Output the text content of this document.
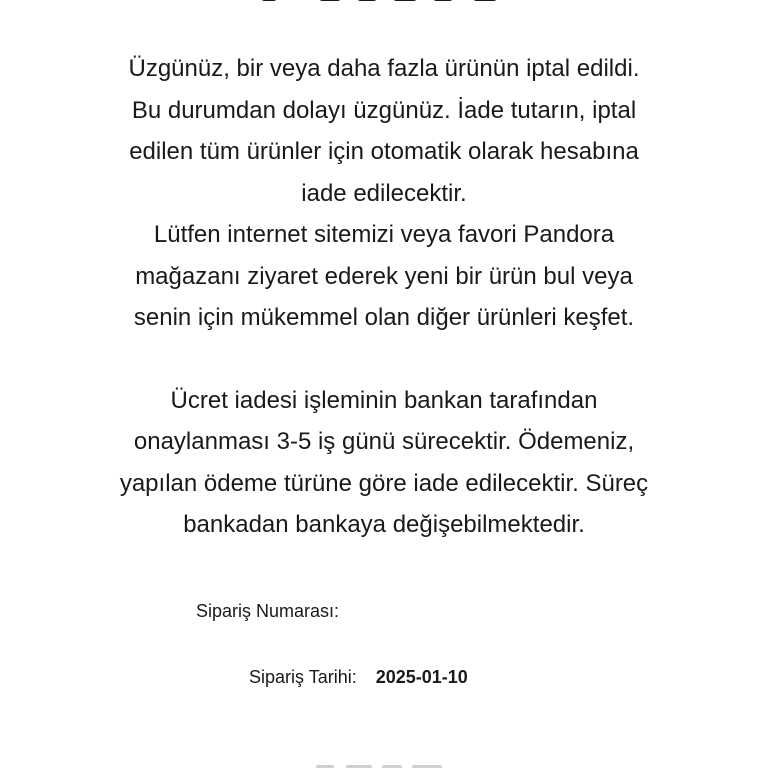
Üzgünüz, bir veya daha fazla ürünün iptal edildi.

Bu durumdan dolayı üzgünüz. İade tutarın, iptal

edilen tüm ürünler için otomatik olarak hesabına

iade edilecektir.

Lütfen internet sitemizi veya favori Pandora

mağazanı ziyaret ederek yeni bir ürün bul veya

senin için mükemmel olan diğer ürünleri keşfet.

Ücret iadesi işleminin bankan tarafından

onaylanması 3-5 iş günü sürecektir. Ödemeniz,

yapılan ödeme türüne göre iade edilecektir. Süreç

bankadan bankaya değişebilmektedir.

Sipariş Numarası:
Sipariş Tarihi: 2025-01-10
